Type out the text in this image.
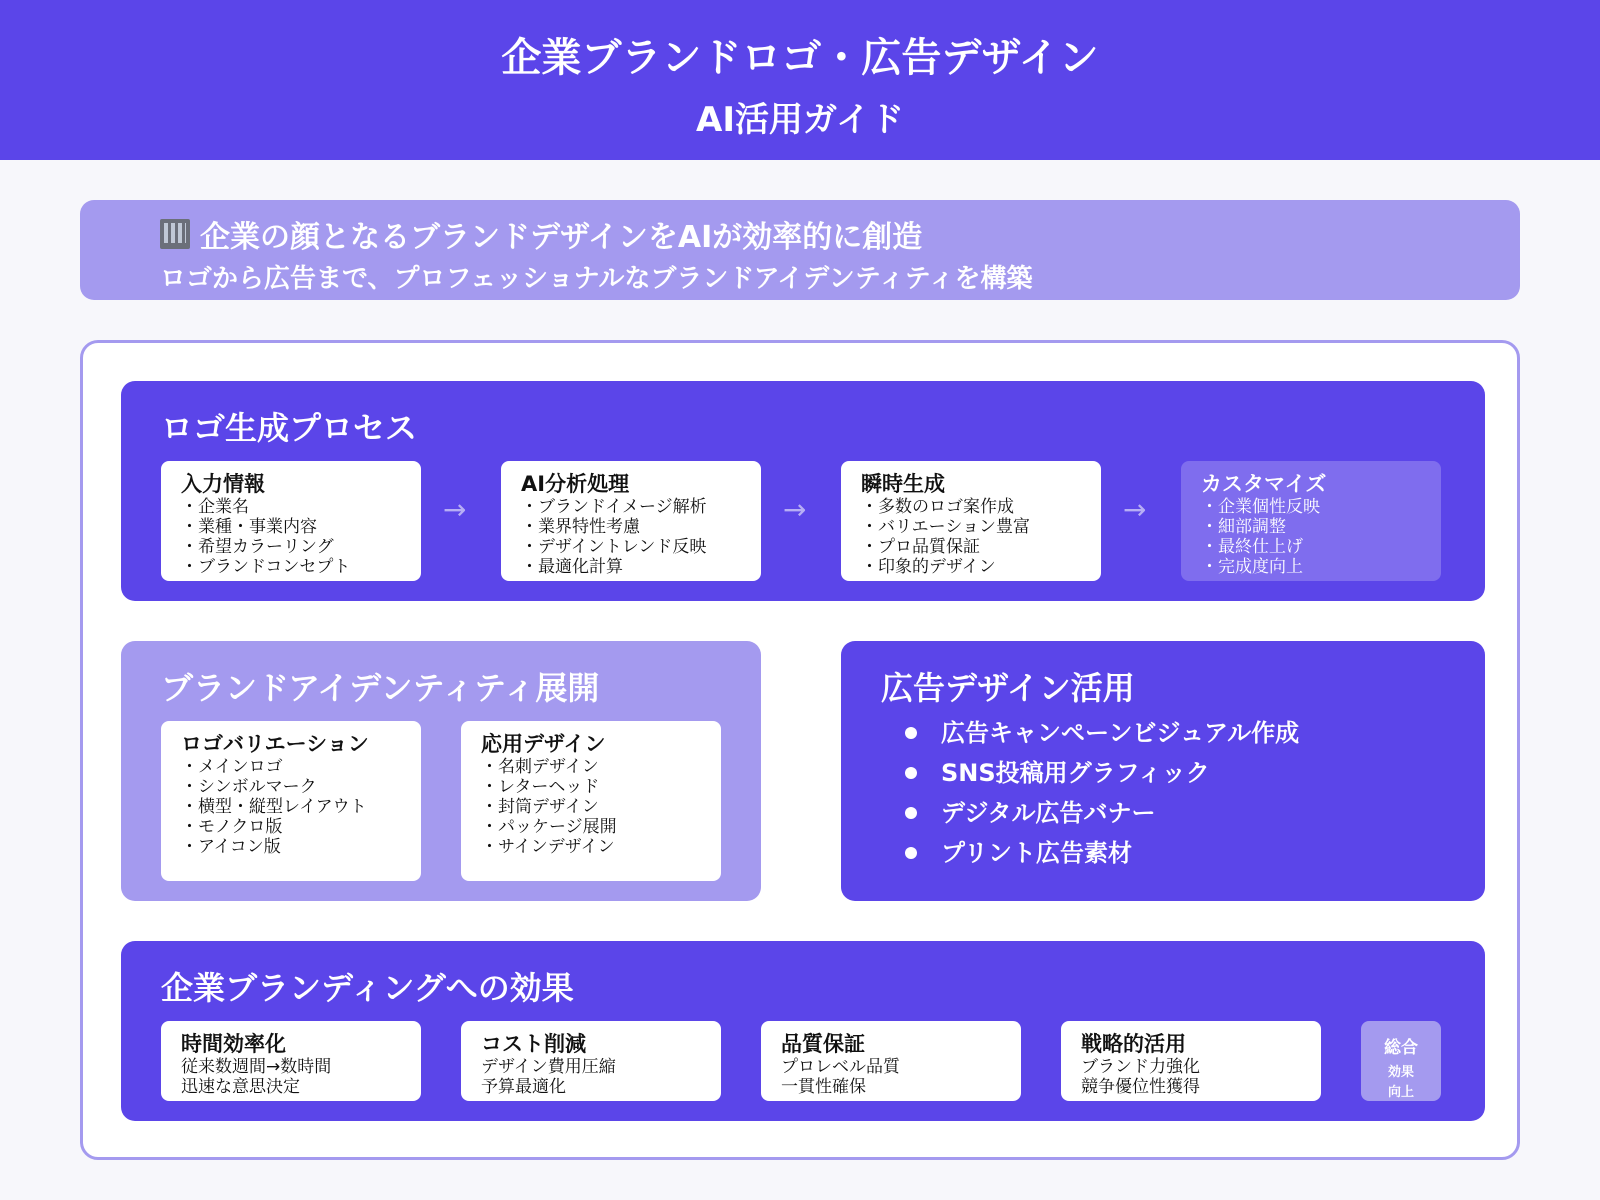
企業ブランドロゴ・広告デザイン
AI活用ガイド
企業の顔となるブランドデザインをAIが効率的に創造
ロゴから広告まで、プロフェッショナルなブランドアイデンティティを構築
ロゴ生成プロセス
入力情報
・ 企業名
・ 業種・事業内容
・ 希望カラーリング
・ ブランドコンセプト
→
AI分析処理
・ ブランドイメージ解析
・ 業界特性考慮
・ デザイントレンド反映
・ 最適化計算
→
瞬時生成
・ 多数のロゴ案作成
・ バリエーション豊富
・ プロ品質保証
・ 印象的デザイン
→
カスタマイズ
・ 企業個性反映
・ 細部調整
・ 最終仕上げ
・ 完成度向上
ブランドアイデンティティ展開
ロゴバリエーション
・ メインロゴ
・ シンボルマーク
・ 横型・縦型レイアウト
・ モノクロ版
・ アイコン版
応用デザイン
・ 名刺デザイン
・ レターヘッド
・ 封筒デザイン
・ パッケージ展開
・ サインデザイン
広告デザイン活用
広告キャンペーンビジュアル作成
SNS投稿用グラフィック
デジタル広告バナー
プリント広告素材
企業ブランディングへの効果
時間効率化
従来数週間→数時間
迅速な意思決定
コスト削減
デザイン費用圧縮
予算最適化
品質保証
プロレベル品質
一貫性確保
戦略的活用
ブランド力強化
競争優位性獲得
総合
効果
向上
